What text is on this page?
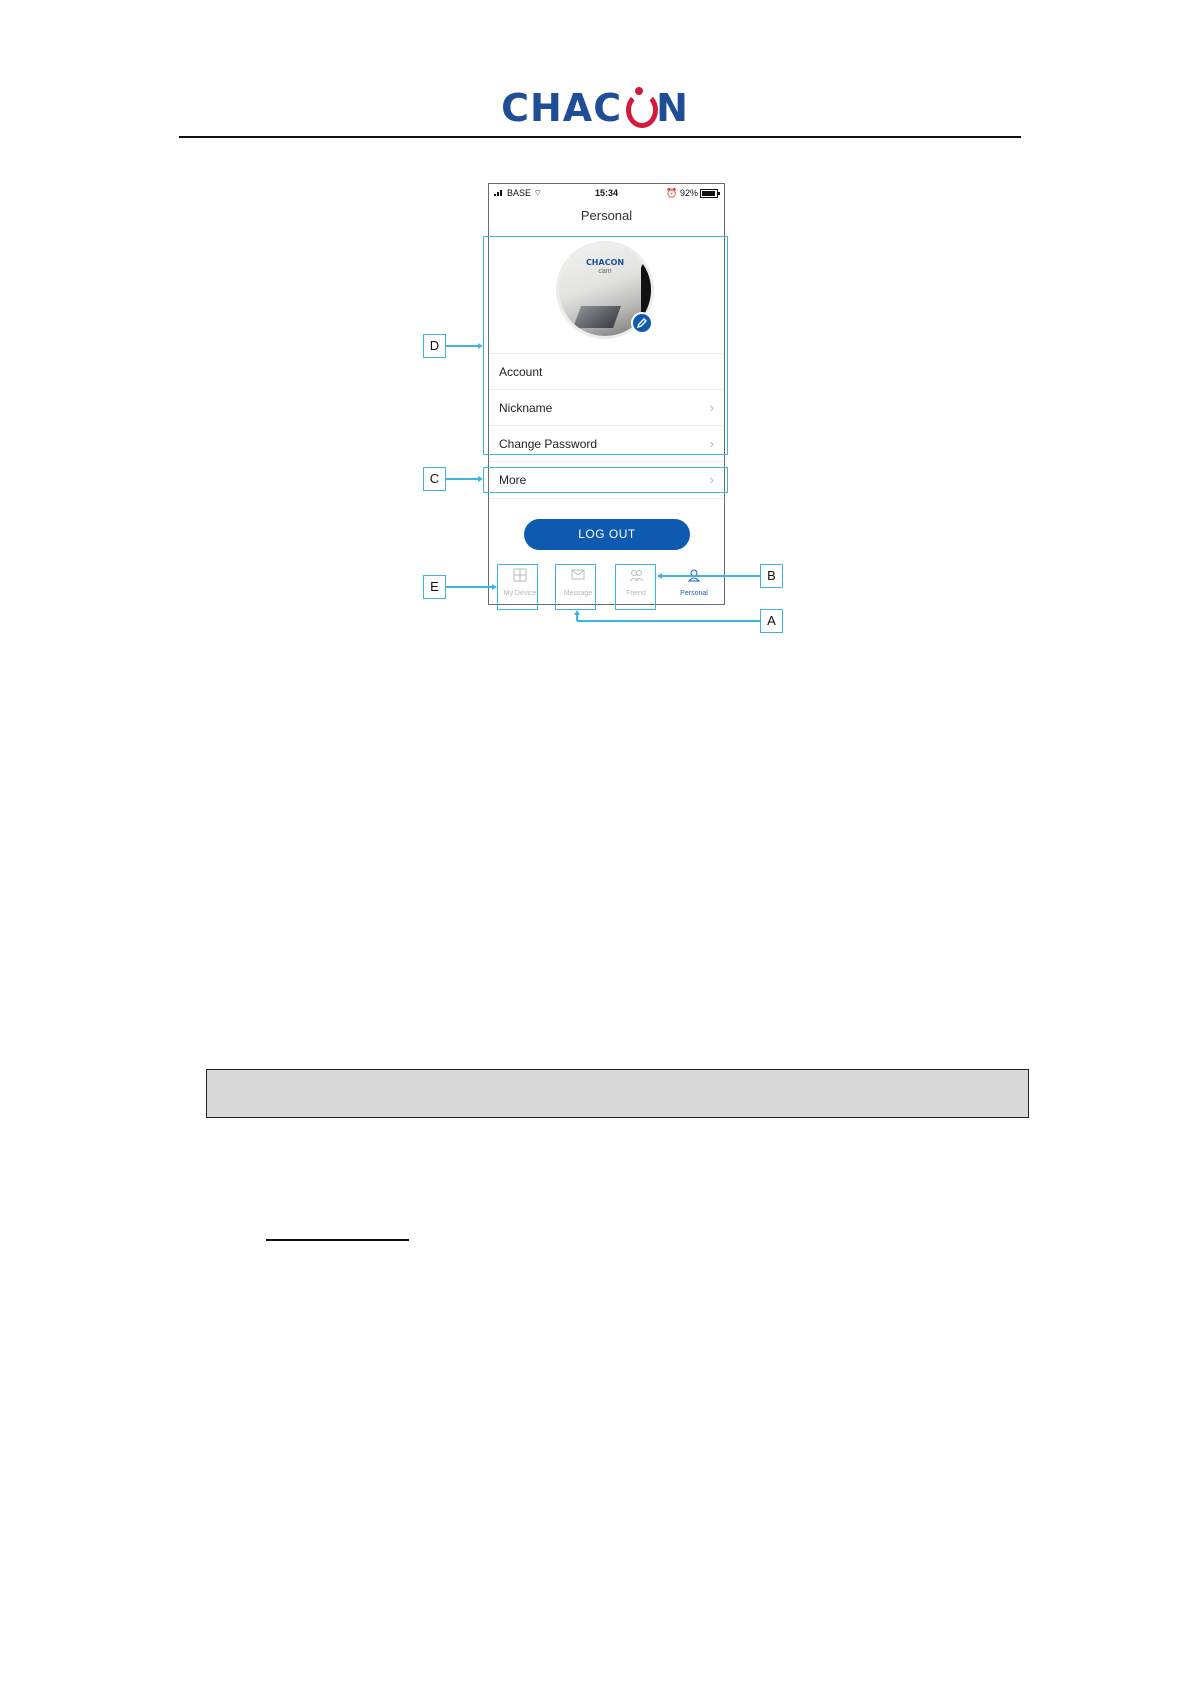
CHAC N
BASE ⌔	15:34	⏰ 92%
Personal
CHACON
cam
Account
Nickname	›
Change Password	›
More	›
LOG OUT
My Device	Message	Friend	Personal
D
C
E
B
A
